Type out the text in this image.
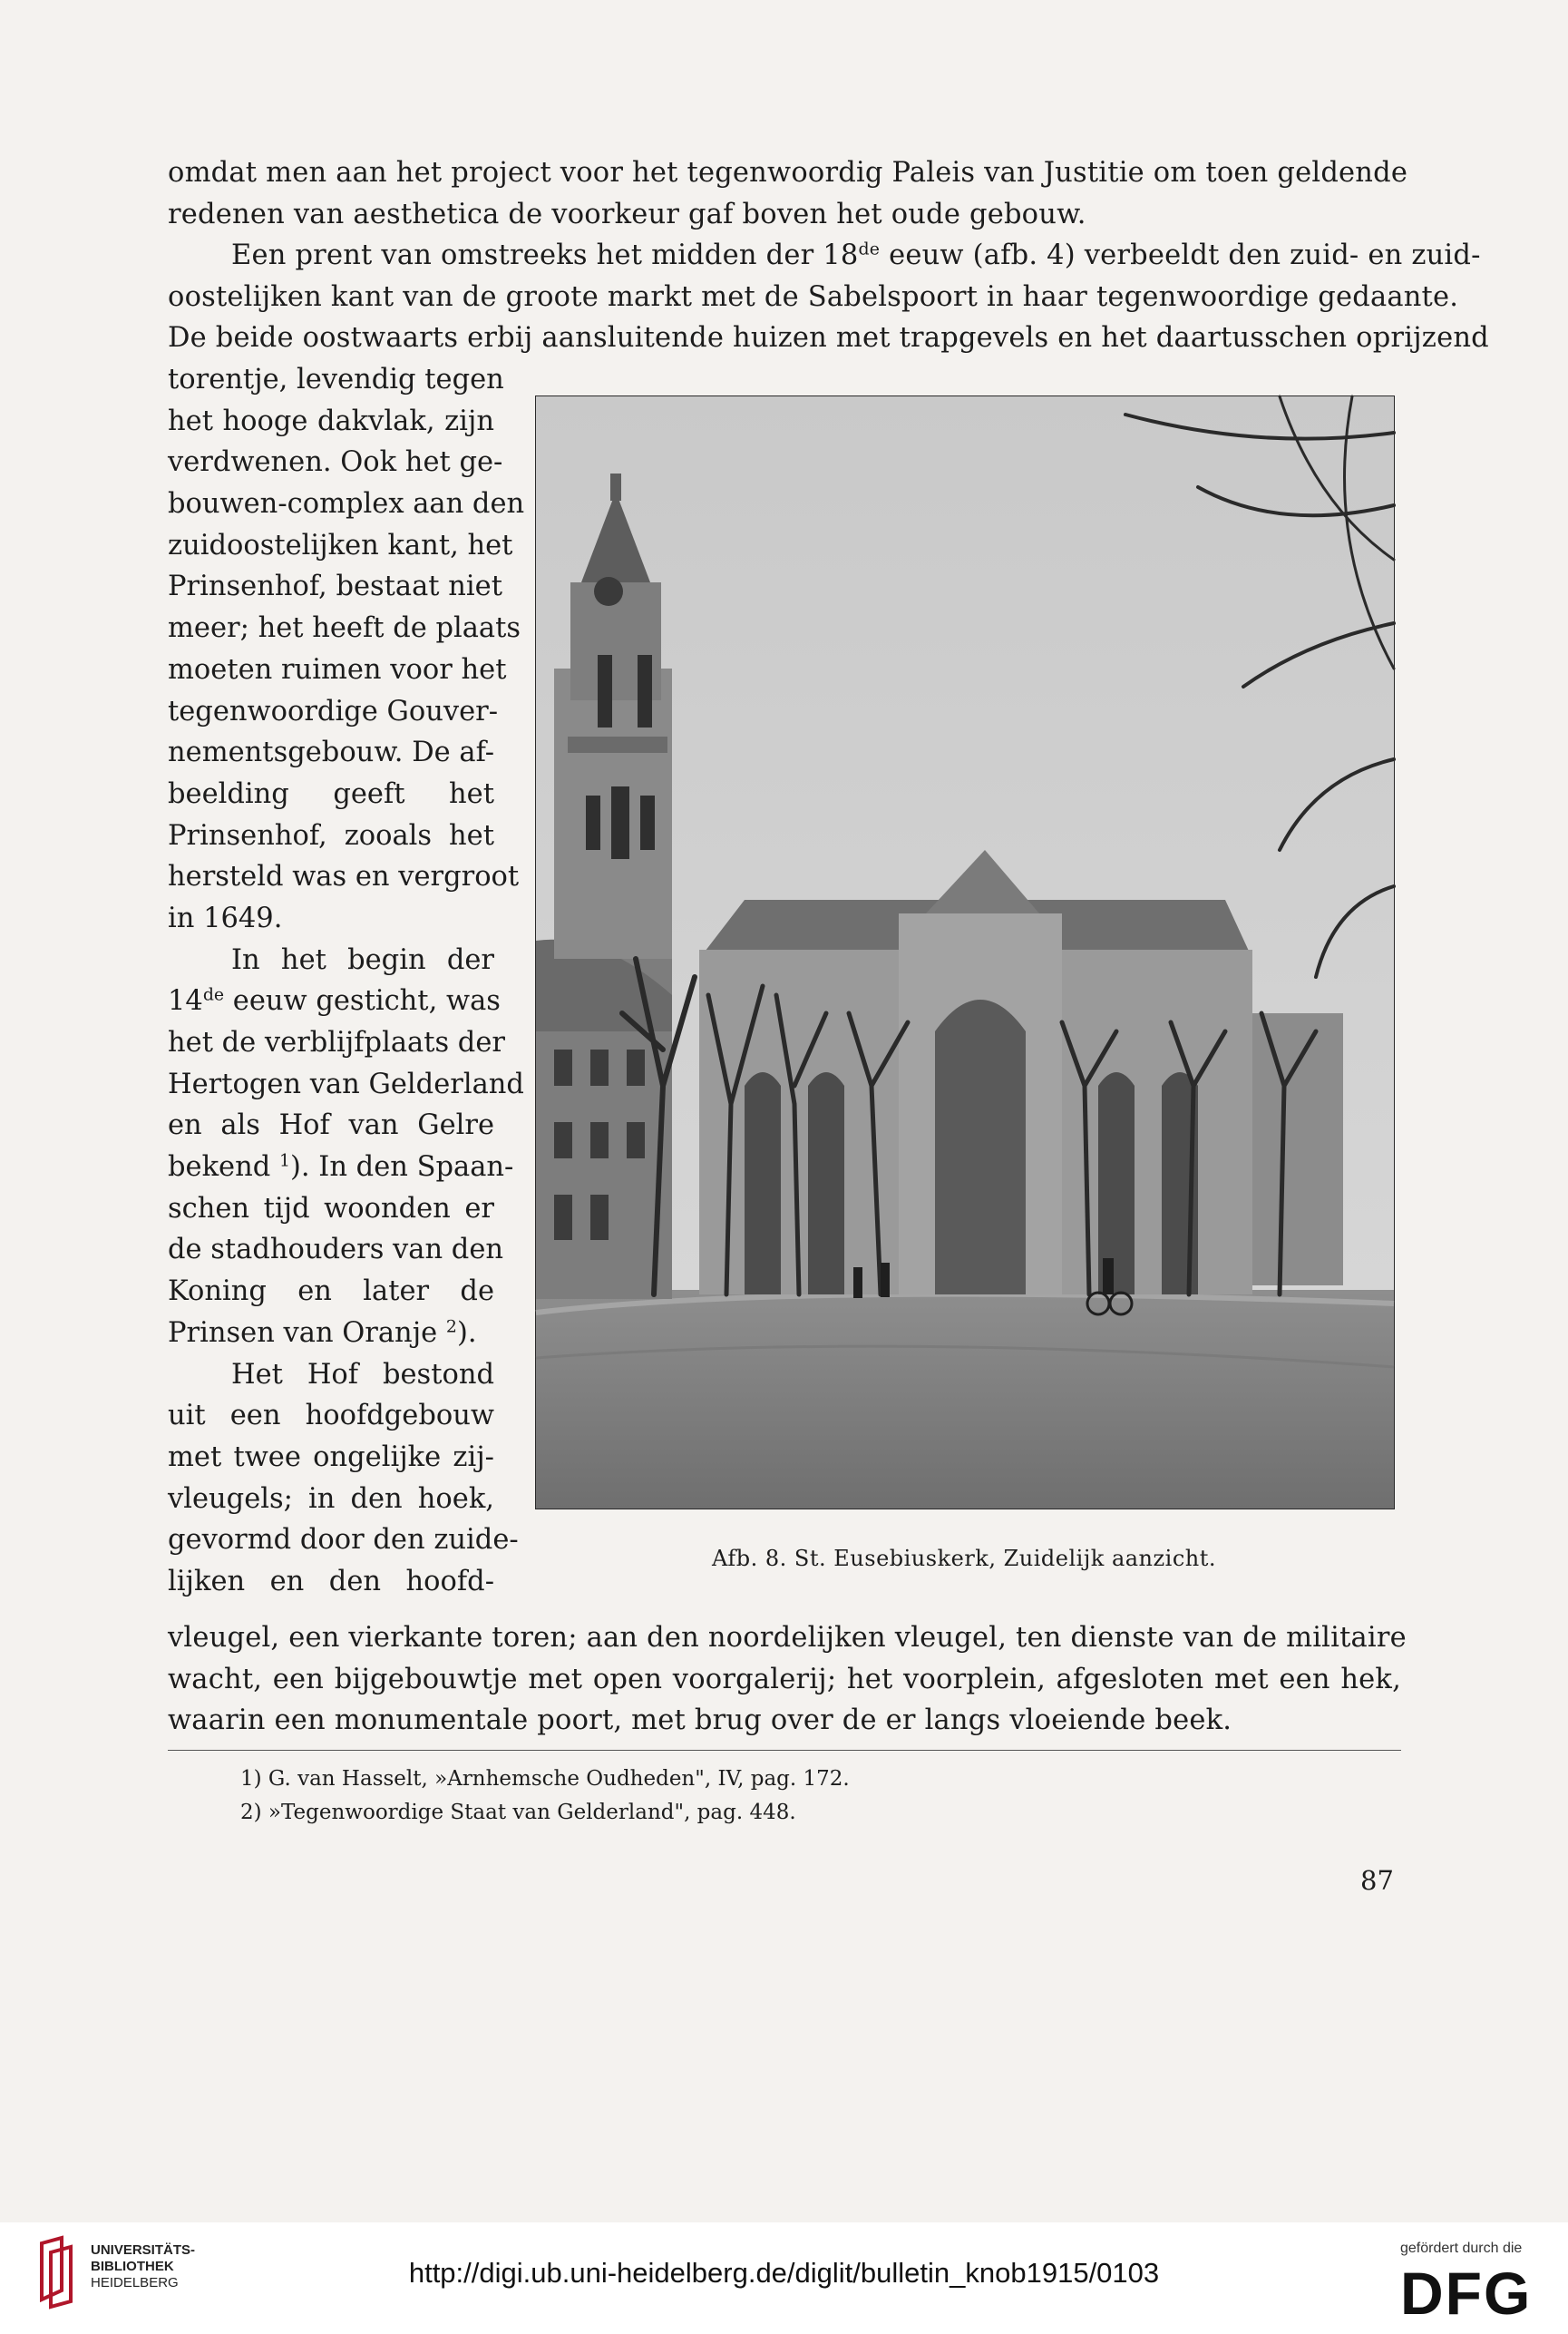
omdat men aan het project voor het tegenwoordig Paleis van Justitie om toen geldende
redenen van aesthetica de voorkeur gaf boven het oude gebouw.
Een prent van omstreeks het midden der 18de eeuw (afb. 4) verbeeldt den zuid- en zuid-
oostelijken kant van de groote markt met de Sabelspoort in haar tegenwoordige gedaante.
De beide oostwaarts erbij aansluitende huizen met trapgevels en het daartusschen oprijzend
torentje, levendig tegen
het hooge dakvlak, zijn
verdwenen. Ook het ge-
bouwen-complex aan den
zuidoostelijken kant, het
Prinsenhof, bestaat niet
meer; het heeft de plaats
moeten ruimen voor het
tegenwoordige Gouver-
nementsgebouw. De af-
beelding geeft het
Prinsenhof, zooals het
hersteld was en vergroot
in 1649.
In het begin der
14de eeuw gesticht, was
het de verblijfplaats der
Hertogen van Gelderland
en als Hof van Gelre
bekend $^1$). In den Spaan-
schen tijd woonden er
de stadhouders van den
Koning en later de
Prinsen van Oranje $^2$).
Het Hof bestond
uit een hoofdgebouw
met twee ongelijke zij-
vleugels; in den hoek,
gevormd door den zuide-
lijken en den hoofd-
Afb. 8. St. Eusebiuskerk, Zuidelijk aanzicht.
vleugel, een vierkante toren; aan den noordelijken vleugel, ten dienste van de militaire
wacht, een bijgebouwtje met open voorgalerij; het voorplein, afgesloten met een hek,
waarin een monumentale poort, met brug over de er langs vloeiende beek.
1) G. van Hasselt, »Arnhemsche Oudheden", IV, pag. 172.
2) »Tegenwoordige Staat van Gelderland", pag. 448.
87
UNIVERSITÄTS-
BIBLIOTHEK
HEIDELBERG	http://digi.ub.uni-heidelberg.de/diglit/bulletin_knob1915/0103
gefördert durch die
DFG
